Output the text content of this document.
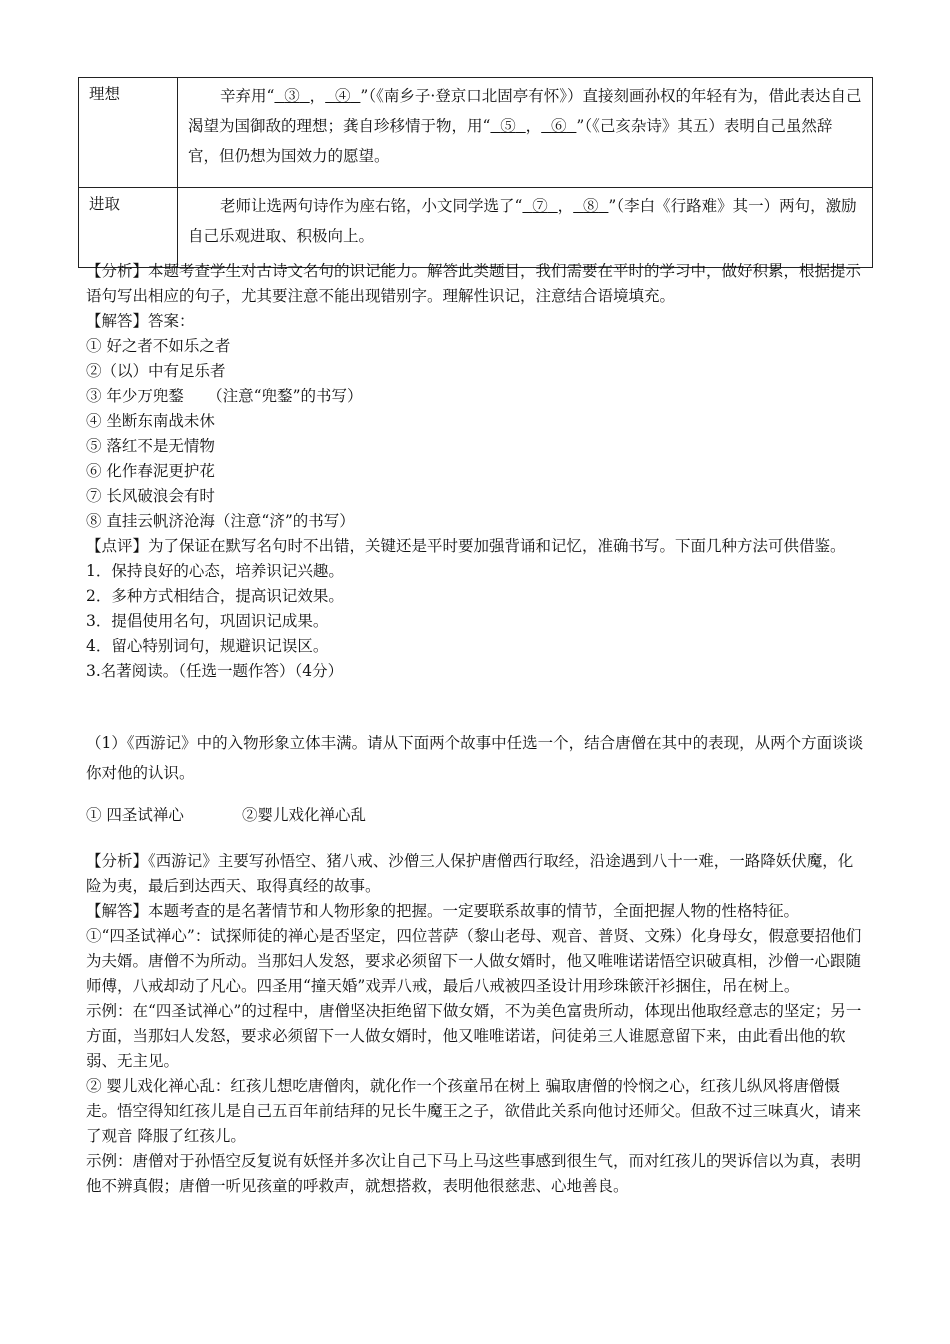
理想	辛弃用“ ③ ， ④ ”（《南乡子·登京口北固亭有怀》）直接刻画孙权的年轻有为，借此表达自己渴望为国御敌的理想；龚自珍移情于物，用“ ⑤ ， ⑥ ”（《己亥杂诗》其五）表明自己虽然辞官，但仍想为国效力的愿望。

进取	老师让选两句诗作为座右铭，小文同学选了“ ⑦ ， ⑧ ”（李白《行路难》其一）两句，激励自己乐观进取、积极向上。
【分析】本题考查学生对古诗文名句的识记能力。解答此类题目，我们需要在平时的学习中，做好积累，根据提示语句写出相应的句子，尤其要注意不能出现错别字。理解性识记，注意结合语境填充。
【解答】答案：
① 好之者不如乐之者
②（以）中有足乐者
③ 年少万兜鍪　　（注意“兜鍪”的书写）
④ 坐断东南战未休
⑤ 落红不是无情物
⑥ 化作春泥更护花
⑦ 长风破浪会有时
⑧ 直挂云帆济沧海（注意“济”的书写）
【点评】为了保证在默写名句时不出错，关键还是平时要加强背诵和记忆，准确书写。下面几种方法可供借鉴。
1．保持良好的心态，培养识记兴趣。
2．多种方式相结合，提高识记效果。
3．提倡使用名句，巩固识记成果。
4．留心特别词句，规避识记误区。
3.名著阅读。（任选一题作答）（4分）
（1）《西游记》中的入物形象立体丰满。请从下面两个故事中任选一个，结合唐僧在其中的表现，从两个方面谈谈你对他的认识。
① 四圣试禅心	②婴儿戏化禅心乱
【分析】《西游记》主要写孙悟空、猪八戒、沙僧三人保护唐僧西行取经，沿途遇到八十一难，一路降妖伏魔，化险为夷，最后到达西天、取得真经的故事。
【解答】本题考查的是名著情节和人物形象的把握。一定要联系故事的情节，全面把握人物的性格特征。
①“四圣试禅心”：试探师徒的禅心是否坚定，四位菩萨（黎山老母、观音、普贤、文殊）化身母女，假意要招他们为夫婿。唐僧不为所动。当那妇人发怒，要求必须留下一人做女婿时，他又唯唯诺诺悟空识破真相，沙僧一心跟随师傅，八戒却动了凡心。四圣用“撞天婚”戏弄八戒，最后八戒被四圣设计用珍珠篏汗衫捆住，吊在树上。
示例：在“四圣试禅心”的过程中，唐僧坚决拒绝留下做女婿，不为美色富贵所动，体现出他取经意志的坚定；另一方面，当那妇人发怒，要求必须留下一人做女婿时，他又唯唯诺诺，问徒弟三人谁愿意留下来，由此看出他的软弱、无主见。
② 婴儿戏化禅心乱：红孩儿想吃唐僧肉，就化作一个孩童吊在树上 骗取唐僧的怜悯之心，红孩儿纵风将唐僧慑走。悟空得知红孩儿是自己五百年前结拜的兄长牛魔王之子，欲借此关系向他讨还师父。但敌不过三味真火，请来了观音 降服了红孩儿。
示例：唐僧对于孙悟空反复说有妖怪并多次让自己下马上马这些事感到很生气，而对红孩儿的哭诉信以为真，表明他不辨真假；唐僧一听见孩童的呼救声，就想搭救，表明他很慈悲、心地善良。
